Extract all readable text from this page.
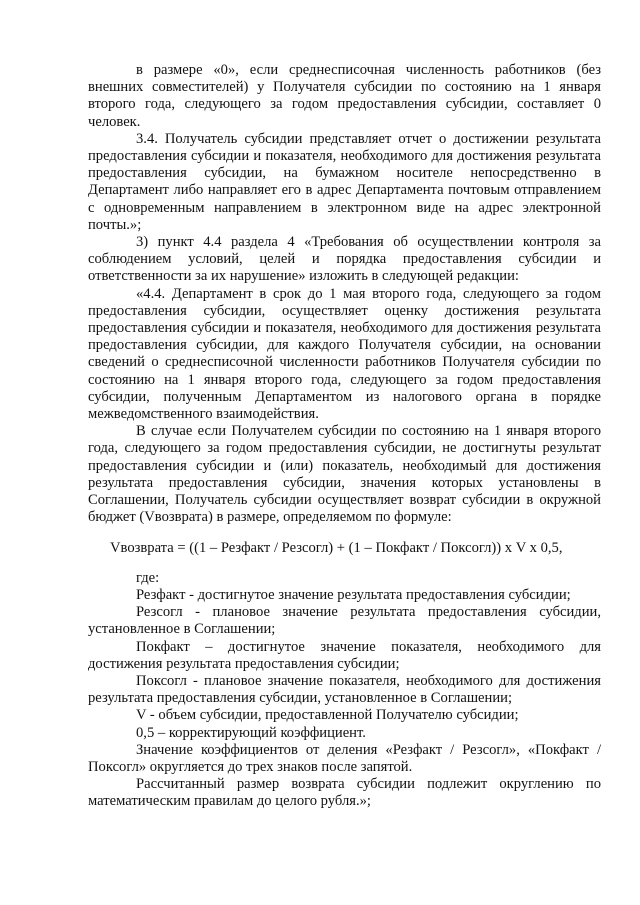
в размере «0», если среднесписочная численность работников (без внешних совместителей) у Получателя субсидии по состоянию на 1 января второго года, следующего за годом предоставления субсидии, составляет 0 человек.

3.4. Получатель субсидии представляет отчет о достижении результата предоставления субсидии и показателя, необходимого для достижения результата предоставления субсидии, на бумажном носителе непосредственно в Департамент либо направляет его в адрес Департамента почтовым отправлением с одновременным направлением в электронном виде на адрес электронной почты.»;

3) пункт 4.4 раздела 4 «Требования об осуществлении контроля за соблюдением условий, целей и порядка предоставления субсидии и ответственности за их нарушение» изложить в следующей редакции:

«4.4. Департамент в срок до 1 мая второго года, следующего за годом предоставления субсидии, осуществляет оценку достижения результата предоставления субсидии и показателя, необходимого для достижения результата предоставления субсидии, для каждого Получателя субсидии, на основании сведений о среднесписочной численности работников Получателя субсидии по состоянию на 1 января второго года, следующего за годом предоставления субсидии, полученным Департаментом из налогового органа в порядке межведомственного взаимодействия.

В случае если Получателем субсидии по состоянию на 1 января второго года, следующего за годом предоставления субсидии, не достигнуты результат предоставления субсидии и (или) показатель, необходимый для достижения результата предоставления субсидии, значения которых установлены в Соглашении, Получатель субсидии осуществляет возврат субсидии в окружной бюджет (Vвозврата) в размере, определяемом по формуле:

Vвозврата = ((1 – Резфакт / Резсогл) + (1 – Покфакт / Поксогл)) х V х 0,5,

где:

Резфакт - достигнутое значение результата предоставления субсидии;

Резсогл - плановое значение результата предоставления субсидии, установленное в Соглашении;

Покфакт – достигнутое значение показателя, необходимого для достижения результата предоставления субсидии;

Поксогл - плановое значение показателя, необходимого для достижения результата предоставления субсидии, установленное в Соглашении;

V - объем субсидии, предоставленной Получателю субсидии;

0,5 – корректирующий коэффициент.

Значение коэффициентов от деления «Резфакт / Резсогл», «Покфакт / Поксогл» округляется до трех знаков после запятой.

Рассчитанный размер возврата субсидии подлежит округлению по математическим правилам до целого рубля.»;
